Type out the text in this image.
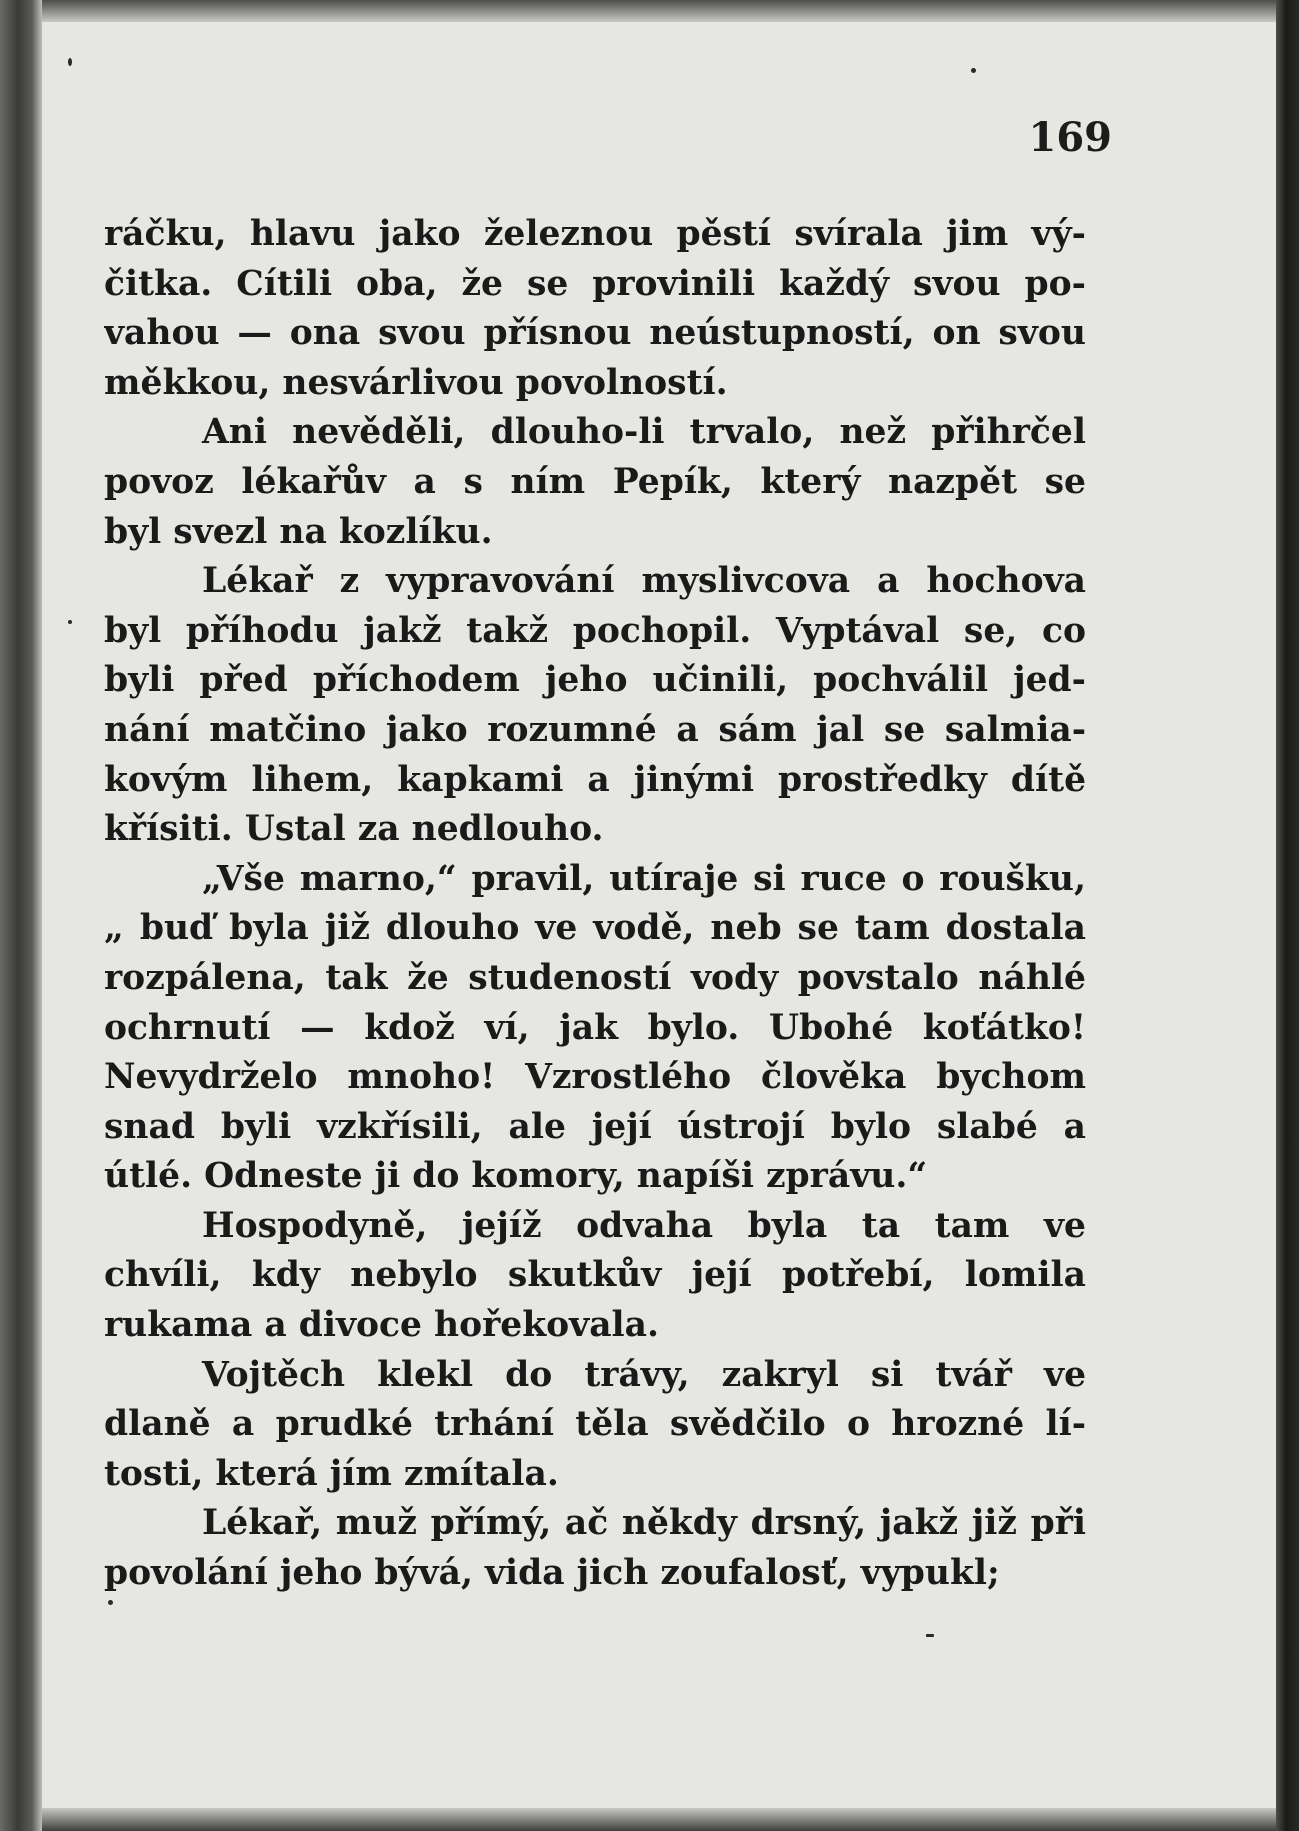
169
ráčku, hlavu jako železnou pěstí svírala jim vý-
čitka. Cítili oba, že se provinili každý svou po-
vahou — ona svou přísnou neústupností, on svou
měkkou, nesvárlivou povolností.
Ani nevěděli, dlouho-li trvalo, než přihrčel
povoz lékařův a s ním Pepík, který nazpět se
byl svezl na kozlíku.
Lékař z vypravování myslivcova a hochova
byl příhodu jakž takž pochopil. Vyptával se, co
byli před příchodem jeho učinili, pochválil jed-
nání matčino jako rozumné a sám jal se salmia-
kovým lihem, kapkami a jinými prostředky dítě
křísiti. Ustal za nedlouho.
„Vše marno,“ pravil, utíraje si ruce o roušku,
„ buď byla již dlouho ve vodě, neb se tam dostala
rozpálena, tak že studeností vody povstalo náhlé
ochrnutí — kdož ví, jak bylo. Ubohé koťátko!
Nevydrželo mnoho! Vzrostlého člověka bychom
snad byli vzkřísili, ale její ústrojí bylo slabé a
útlé. Odneste ji do komory, napíši zprávu.“
Hospodyně, jejíž odvaha byla ta tam ve
chvíli, kdy nebylo skutkův její potřebí, lomila
rukama a divoce hořekovala.
Vojtěch klekl do trávy, zakryl si tvář ve
dlaně a prudké trhání těla svědčilo o hrozné lí-
tosti, která jím zmítala.
Lékař, muž přímý, ač někdy drsný, jakž již při
povolání jeho bývá, vida jich zoufalosť, vypukl;
